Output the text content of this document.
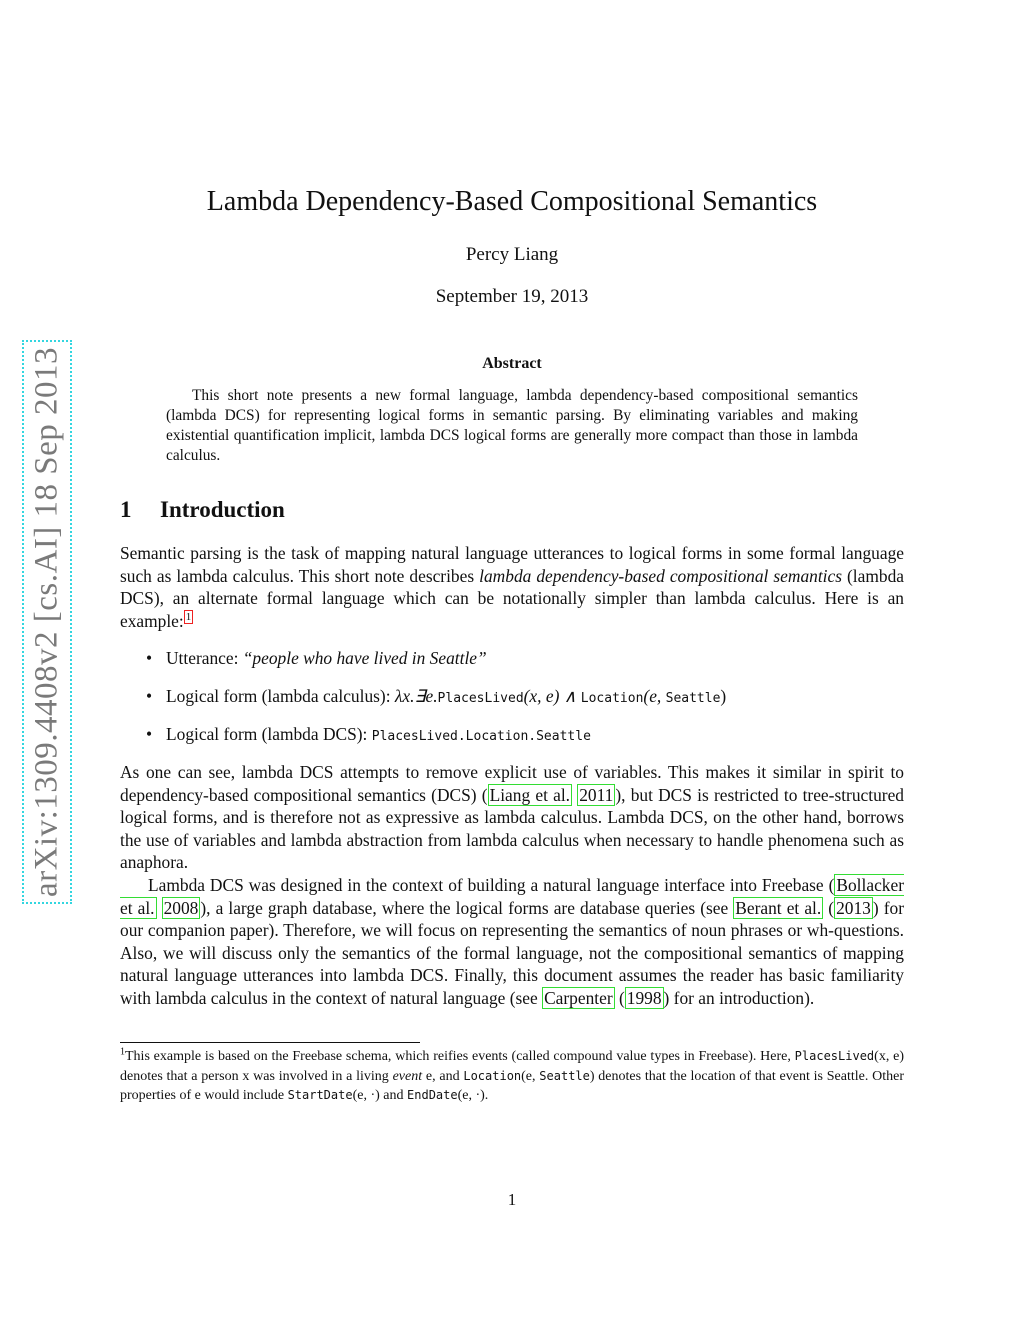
arXiv:1309.4408v2 [cs.AI] 18 Sep 2013
Lambda Dependency-Based Compositional Semantics
Percy Liang
September 19, 2013
Abstract
This short note presents a new formal language, lambda dependency-based compositional semantics (lambda DCS) for representing logical forms in semantic parsing. By eliminating variables and making existential quantification implicit, lambda DCS logical forms are generally more compact than those in lambda calculus.
1 Introduction
Semantic parsing is the task of mapping natural language utterances to logical forms in some formal language such as lambda calculus. This short note describes lambda dependency-based compositional semantics (lambda DCS), an alternate formal language which can be notationally simpler than lambda calculus. Here is an example: $^1$
• Utterance: “people who have lived in Seattle”
• Logical form (lambda calculus): λx.∃e.PlacesLived(x, e) ∧ Location(e, Seattle)
• Logical form (lambda DCS): PlacesLived.Location.Seattle
As one can see, lambda DCS attempts to remove explicit use of variables. This makes it similar in spirit to dependency-based compositional semantics (DCS) ( Liang et al. 2011 ), but DCS is restricted to tree-structured logical forms, and is therefore not as expressive as lambda calculus. Lambda DCS, on the other hand, borrows the use of variables and lambda abstraction from lambda calculus when necessary to handle phenomena such as anaphora.
Lambda DCS was designed in the context of building a natural language interface into Freebase ( Bollacker et al. 2008 ), a large graph database, where the logical forms are database queries (see Berant et al. ( 2013 ) for our companion paper). Therefore, we will focus on representing the semantics of noun phrases or wh-questions. Also, we will discuss only the semantics of the formal language, not the compositional semantics of mapping natural language utterances into lambda DCS. Finally, this document assumes the reader has basic familiarity with lambda calculus in the context of natural language (see Carpenter ( 1998 ) for an introduction).
$^1$This example is based on the Freebase schema, which reifies events (called compound value types in Freebase). Here, PlacesLived(x, e) denotes that a person x was involved in a living event e, and Location(e, Seattle) denotes that the location of that event is Seattle. Other properties of e would include StartDate(e, ·) and EndDate(e, ·).
1
